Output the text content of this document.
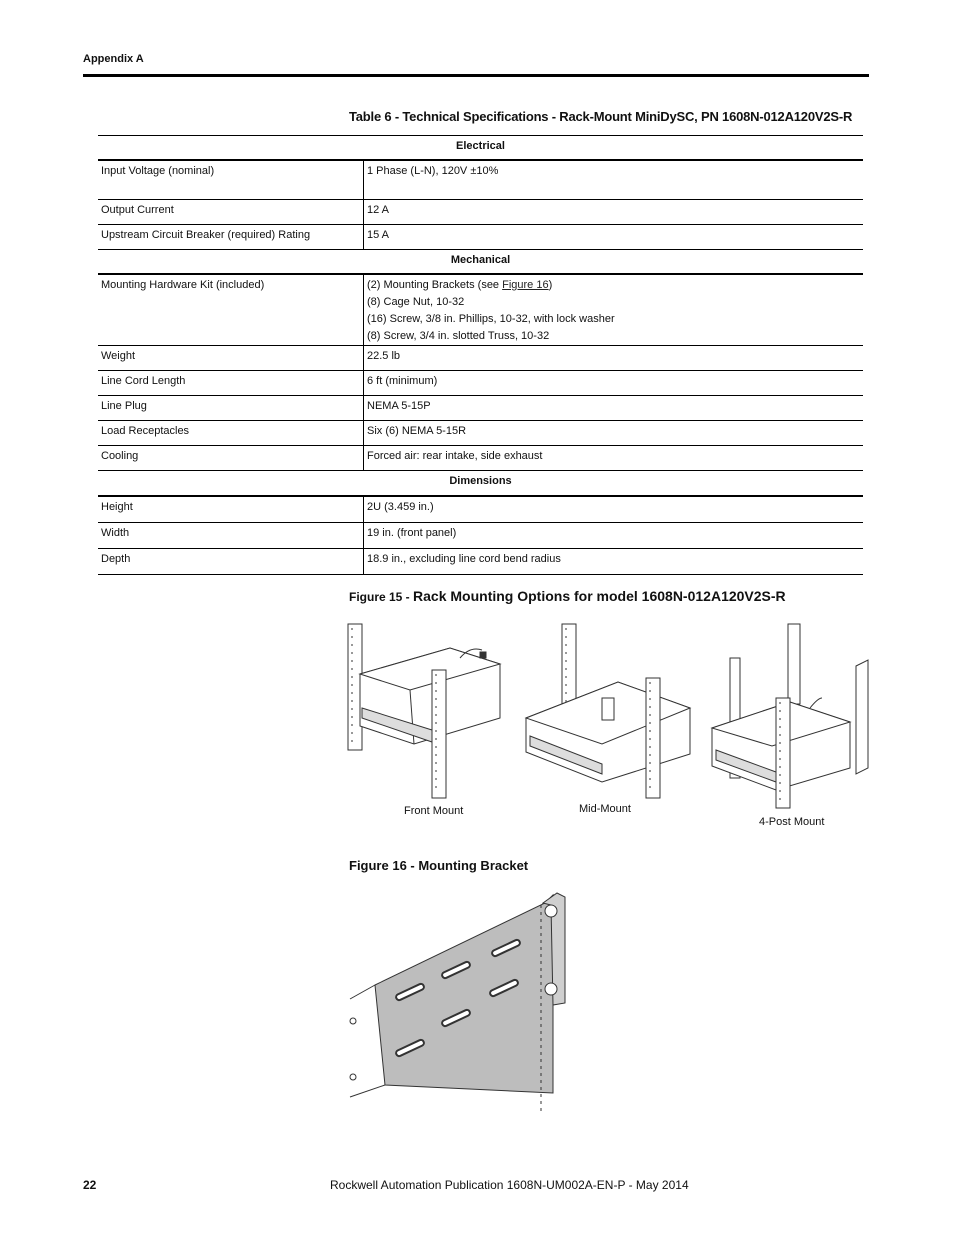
Appendix A
Table 6 - Technical Specifications - Rack-Mount MiniDySC, PN 1608N-012A120V2S-R
Electrical	
Input Voltage (nominal)	1 Phase (L-N), 120V ±10%
Output Current	12 A
Upstream Circuit Breaker (required) Rating	15 A
Mechanical	
Mounting Hardware Kit (included)	(2) Mounting Brackets (see Figure 16)
(8) Cage Nut, 10-32
(16) Screw, 3/8 in. Phillips, 10-32, with lock washer
(8) Screw, 3/4 in. slotted Truss, 10-32

Weight	22.5 lb
Line Cord Length	6 ft (minimum)
Line Plug	NEMA 5-15P
Load Receptacles	Six (6) NEMA 5-15R
Cooling	Forced air: rear intake, side exhaust
Dimensions	
Height	2U (3.459 in.)
Width	19 in. (front panel)
Depth	18.9 in., excluding line cord bend radius
Figure 15 - Rack Mounting Options for model 1608N-012A120V2S-R
Front Mount	Mid-Mount
4-Post Mount
Figure 16 - Mounting Bracket
22	Rockwell Automation Publication 1608N-UM002A-EN-P - May 2014
